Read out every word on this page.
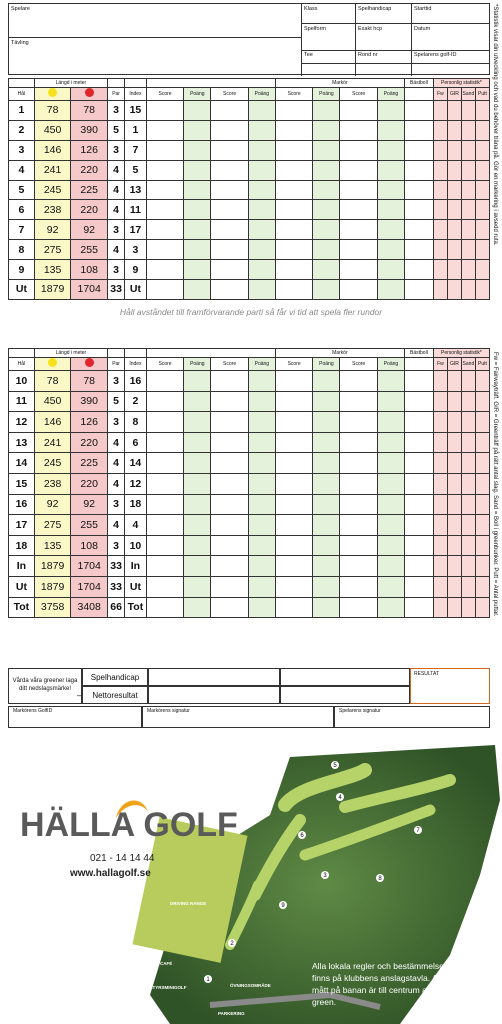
Spelare
Tävling
Klass	Spelhandicap	Starttid
Spelform	Exakt hcp	Datum
Tee	Rond nr	Spelarens golf-ID	*Statistik visar din utveckling och vad du behöver träna på. Gör en markering i avsedd ruta.
Fw = Fairwayträff. GIR = Greenträff på rätt antal slag. Sand = Boll i greenbunker. Putt = Antal puttar.
	Längd i meter								Markör				Bästboll	Personlig statistik*			
Hål			Par	Index	Score	Poäng	Score	Poäng	Score	Poäng	Score	Poäng		Fw	GIR	Sand	Putt
1	78	78	3	15													
2	450	390	5	1													
3	146	126	3	7													
4	241	220	4	5													
5	245	225	4	13													
6	238	220	4	11													
7	92	92	3	17													
8	275	255	4	3													
9	135	108	3	9													
Ut	1879	1704	33	Ut													
Håll avståndet till framförvarande parti så får vi tid att spela fler rundor
	Längd i meter								Markör				Bästboll	Personlig statistik*			
Hål			Par	Index	Score	Poäng	Score	Poäng	Score	Poäng	Score	Poäng		Fw	GIR	Sand	Putt
10	78	78	3	16													
11	450	390	5	2													
12	146	126	3	8													
13	241	220	4	6													
14	245	225	4	14													
15	238	220	4	12													
16	92	92	3	18													
17	275	255	4	4													
18	135	108	3	10													
In	1879	1704	33	In													
Ut	1879	1704	33	Ut													
Tot	3758	3408	66	Tot													
Vårda våra greener laga ditt nedslagsmärke!
Spelhandicap
Nettoresultat
–
RESULTAT
Markörens GolfID	Markörens signatur	Spelarens signatur
5
4
7
6
8
9
2
1
3
DRIVING RANGE
SHOP/CAFÉ
ÄVENTYRSMINIGOLF	ÖVNINGSOMRÅDE
PARKERING
Alla lokala regler och bestämmelser finns på klubbens anslagstavla. Alla mått på banan är till centrum av green.
HÄLLA GOLF
021 - 14 14 44
www.hallagolf.se
